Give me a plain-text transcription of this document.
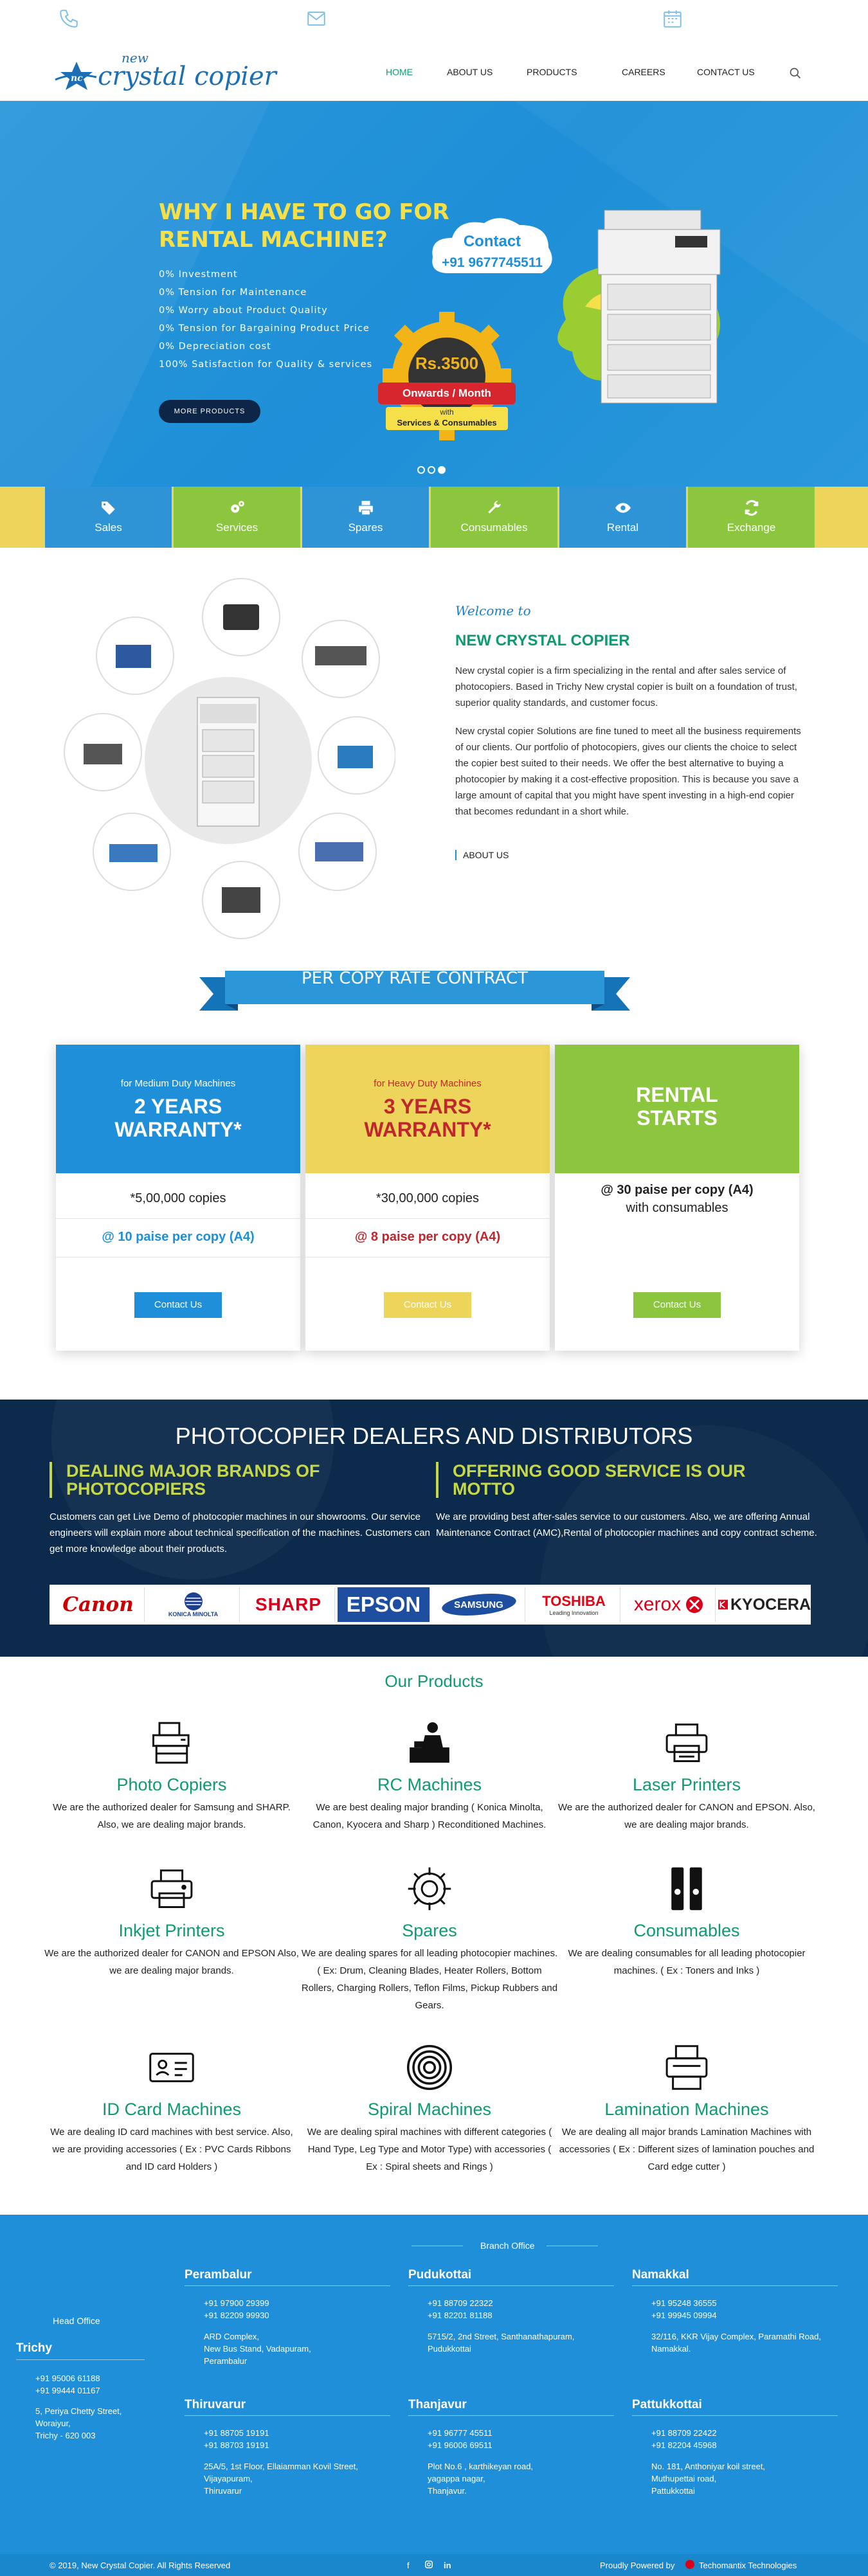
nc
new
crystal copier	HOME	ABOUT US	PRODUCTS	CAREERS	CONTACT US
WHY I HAVE TO GO FOR RENTAL MACHINE?
0% Investment
0% Tension for Maintenance
0% Worry about Product Quality
0% Tension for Bargaining Product Price
0% Depreciation cost
100% Satisfaction for Quality & services
MORE PRODUCTS
Contact
+91 9677745511
Rs.3500
Onwards / Month
with
Services & Consumables
Sales	Services	Spares	Consumables	Rental	Exchange
Welcome to
NEW CRYSTAL COPIER
New crystal copier is a firm specializing in the rental and after sales service of photocopiers. Based in Trichy New crystal copier is built on a foundation of trust, superior quality standards, and customer focus.
New crystal copier Solutions are fine tuned to meet all the business requirements of our clients. Our portfolio of photocopiers, gives our clients the choice to select the copier best suited to their needs. We offer the best alternative to buying a photocopier by making it a cost-effective proposition. This is because you save a large amount of capital that you might have spent investing in a high-end copier that becomes redundant in a short while.
ABOUT US
PER COPY RATE CONTRACT
for Medium Duty Machines
2 YEARS WARRANTY*
*5,00,000 copies
@ 10 paise per copy (A4)
Contact Us
for Heavy Duty Machines
3 YEARS WARRANTY*
*30,00,000 copies
@ 8 paise per copy (A4)
Contact Us
RENTAL STARTS
@ 30 paise per copy (A4)
with consumables
Contact Us
PHOTOCOPIER DEALERS AND DISTRIBUTORS
DEALING MAJOR BRANDS OF PHOTOCOPIERS
Customers can get Live Demo of photocopier machines in our showrooms. Our service engineers will explain more about technical specification of the machines. Customers can get more knowledge about their products.
OFFERING GOOD SERVICE IS OUR MOTTO
We are providing best after-sales service to our customers. Also, we are offering Annual Maintenance Contract (AMC),Rental of photocopier machines and copy contract scheme.
Canon	KONICA MINOLTA	SHARP	EPSON	SAMSUNG	TOSHIBA
Leading Innovation xerox	KYOCERA
Our Products
Photo Copiers
We are the authorized dealer for Samsung and SHARP. Also, we are dealing major brands.
RC Machines
We are best dealing major branding ( Konica Minolta, Canon, Kyocera and Sharp ) Reconditioned Machines.
Laser Printers
We are the authorized dealer for CANON and EPSON. Also, we are dealing major brands.
Inkjet Printers
We are the authorized dealer for CANON and EPSON Also, we are dealing major brands.
Spares
We are dealing spares for all leading photocopier machines. ( Ex: Drum, Cleaning Blades, Heater Rollers, Bottom Rollers, Charging Rollers, Teflon Films, Pickup Rubbers and Gears.
Consumables
We are dealing consumables for all leading photocopier machines. ( Ex : Toners and Inks )
ID Card Machines
We are dealing ID card machines with best service. Also, we are providing accessories ( Ex : PVC Cards Ribbons and ID card Holders )
Spiral Machines
We are dealing spiral machines with different categories ( Hand Type, Leg Type and Motor Type) with accessories ( Ex : Spiral sheets and Rings )
Lamination Machines
We are dealing all major brands Lamination Machines with accessories ( Ex : Different sizes of lamination pouches and Card edge cutter )
Branch Office
Head Office
Trichy
+91 95006 61188
+91 99444 01167
5, Periya Chetty Street,
Woraiyur,
Trichy - 620 003
Perambalur
+91 97900 29399
+91 82209 99930
ARD Complex,
New Bus Stand, Vadapuram,
Perambalur
Pudukottai
+91 88709 22322
+91 82201 81188
5715/2, 2nd Street, Santhanathapuram,
Pudukkottai
Namakkal
+91 95248 36555
+91 99945 09994
32/116, KKR Vijay Complex, Paramathi Road,
Namakkal.
Thiruvarur
+91 88705 19191
+91 88703 19191
25A/5, 1st Floor, Ellaiamman Kovil Street,
Vijayapuram,
Thiruvarur
Thanjavur
+91 96777 45511
+91 96006 69511
Plot No.6 , karthikeyan road,
yagappa nagar,
Thanjavur.
Pattukkottai
+91 88709 22422
+91 82204 45968
No. 181, Anthoniyar koil street,
Muthupettai road,
Pattukkottai
© 2019, New Crystal Copier. All Rights Reserved	f	in	Proudly Powered by	Techomantix Technologies
